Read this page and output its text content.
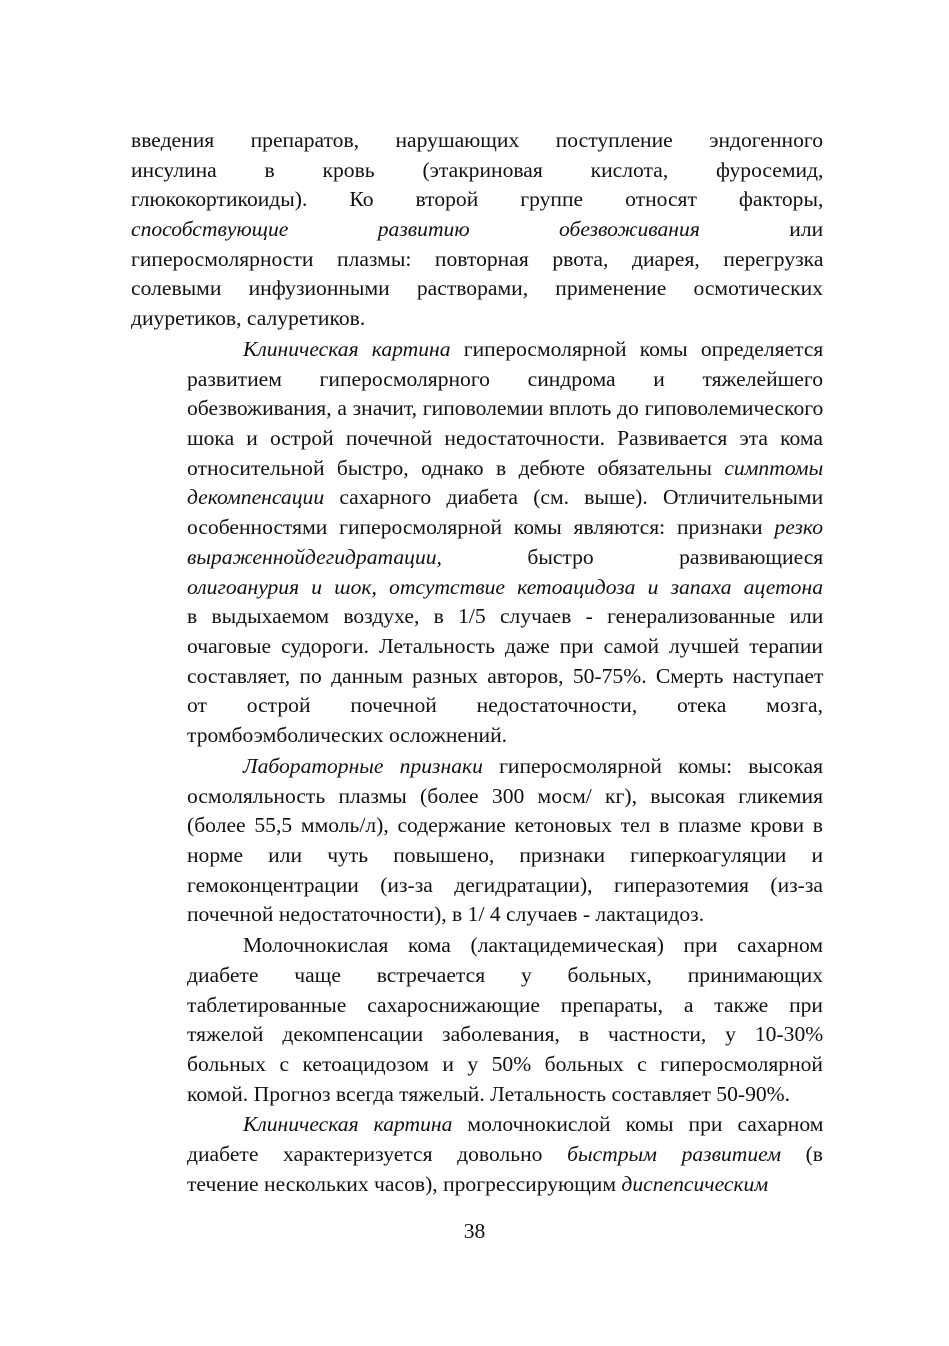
введения препаратов, нарушающих поступление эндогенного
инсулина в кровь (этакриновая кислота, фуросемид,
глюкокортикоиды). Ко второй группе относят факторы,
способствующие развитию обезвоживания или
гиперосмолярности плазмы: повторная рвота, диарея, перегрузка
солевыми инфузионными растворами, применение осмотических
диуретиков, салуретиков.
Клиническая картина гиперосмолярной комы определяется
развитием гиперосмолярного синдрома и тяжелейшего
обезвоживания, а значит, гиповолемии вплоть до гиповолемического
шока и острой почечной недостаточности. Развивается эта кома
относительной быстро, однако в дебюте обязательны симптомы
декомпенсации сахарного диабета (см. выше). Отличительными
особенностями гиперосмолярной комы являются: признаки резко
выраженнойдегидратации, быстро развивающиеся
олигоанурия и шок, отсутствие кетоацидоза и запаха ацетона
в выдыхаемом воздухе, в 1/5 случаев - генерализованные или
очаговые судороги. Летальность даже при самой лучшей терапии
составляет, по данным разных авторов, 50-75%. Смерть наступает
от острой почечной недостаточности, отека мозга,
тромбоэмболических осложнений.
Лабораторные признаки гиперосмолярной комы: высокая
осмоляльность плазмы (более 300 мосм/ кг), высокая гликемия
(более 55,5 ммоль/л), содержание кетоновых тел в плазме крови в
норме или чуть повышено, признаки гиперкоагуляции и
гемоконцентрации (из-за дегидратации), гиперазотемия (из-за
почечной недостаточности), в 1/ 4 случаев - лактацидоз.
Молочнокислая кома (лактацидемическая) при сахарном
диабете чаще встречается у больных, принимающих
таблетированные сахароснижающие препараты, а также при
тяжелой декомпенсации заболевания, в частности, у 10-30%
больных с кетоацидозом и у 50% больных с гиперосмолярной
комой. Прогноз всегда тяжелый. Летальность составляет 50-90%.
Клиническая картина молочнокислой комы при сахарном
диабете характеризуется довольно быстрым развитием (в
течение нескольких часов), прогрессирующим диспепсическим
38
